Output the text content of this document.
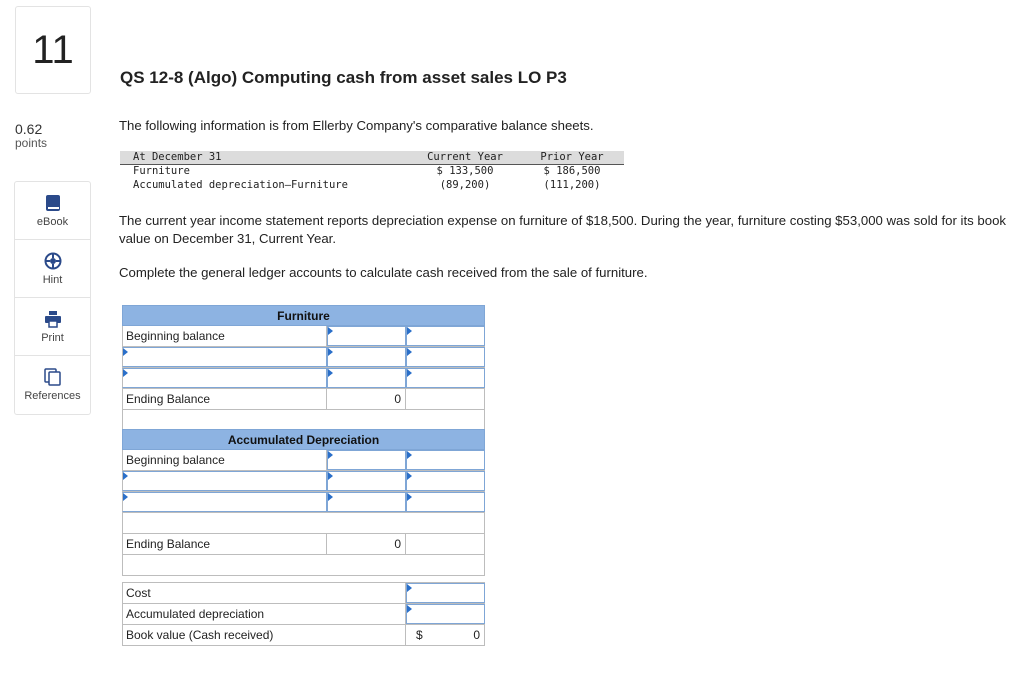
11
0.62
points
eBook
Hint
Print
References
QS 12-8 (Algo) Computing cash from asset sales LO P3
The following information is from Ellerby Company's comparative balance sheets.
At December 31	Current Year	Prior Year
Furniture	$ 133,500	$ 186,500
Accumulated depreciation—Furniture	(89,200)	(111,200)
The current year income statement reports depreciation expense on furniture of $18,500. During the year, furniture costing $53,000 was sold for its book value on December 31, Current Year.
Complete the general ledger accounts to calculate cash received from the sale of furniture.
Furniture
Beginning balance
Ending Balance	0
Accumulated Depreciation
Beginning balance
Ending Balance	0
Cost
Accumulated depreciation
Book value (Cash received)	$	0
